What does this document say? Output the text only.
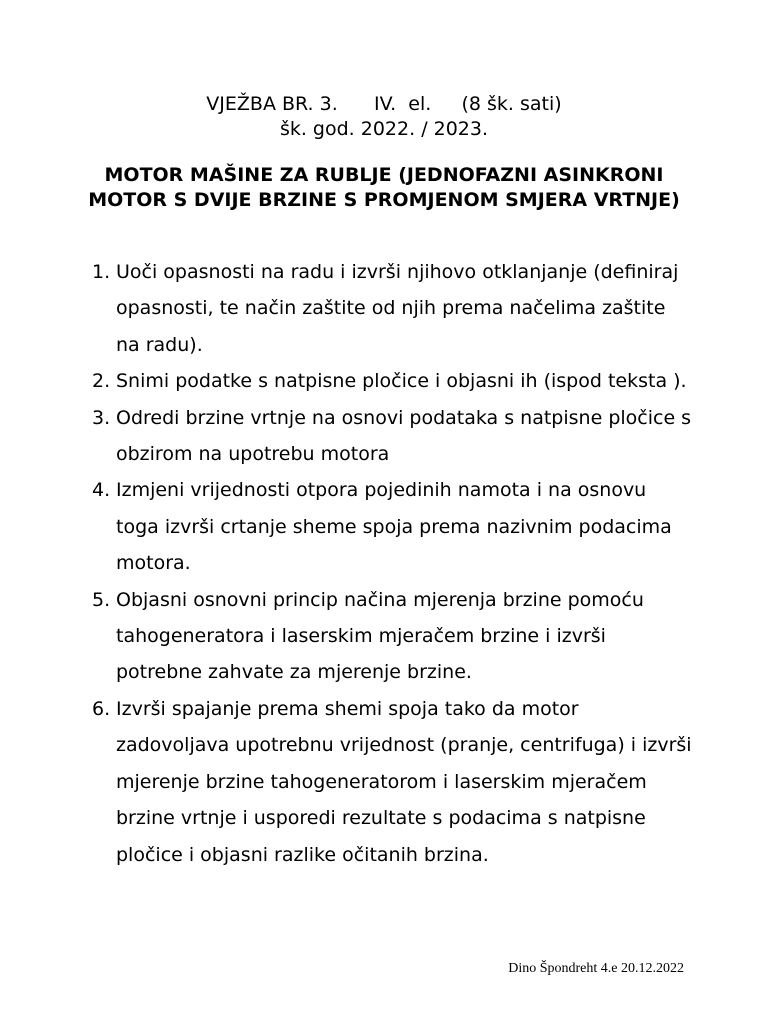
VJEŽBA BR. 3.      IV.  el.     (8 šk. sati)
šk. god. 2022. / 2023.
MOTOR MAŠINE ZA RUBLJE (JEDNOFAZNI ASINKRONI MOTOR S DVIJE BRZINE S PROMJENOM SMJERA VRTNJE)
1. Uoči opasnosti na radu i izvrši njihovo otklanjanje (definiraj opasnosti, te način zaštite od njih prema načelima zaštite na radu).
2. Snimi podatke s natpisne pločice i objasni ih (ispod teksta ).
3. Odredi brzine vrtnje na osnovi podataka s natpisne pločice s obzirom na upotrebu motora
4. Izmjeni vrijednosti otpora pojedinih namota i na osnovu toga izvrši crtanje sheme spoja prema nazivnim podacima motora.
5. Objasni osnovni princip načina mjerenja brzine pomoću tahogeneratora i laserskim mjeračem brzine i izvrši potrebne zahvate za mjerenje brzine.
6. Izvrši spajanje prema shemi spoja tako da motor zadovoljava upotrebnu vrijednost (pranje, centrifuga) i izvrši mjerenje brzine tahogeneratorom i laserskim mjeračem brzine vrtnje i usporedi rezultate s podacima s natpisne pločice i objasni razlike očitanih brzina.
Dino Špondreht 4.e 20.12.2022
